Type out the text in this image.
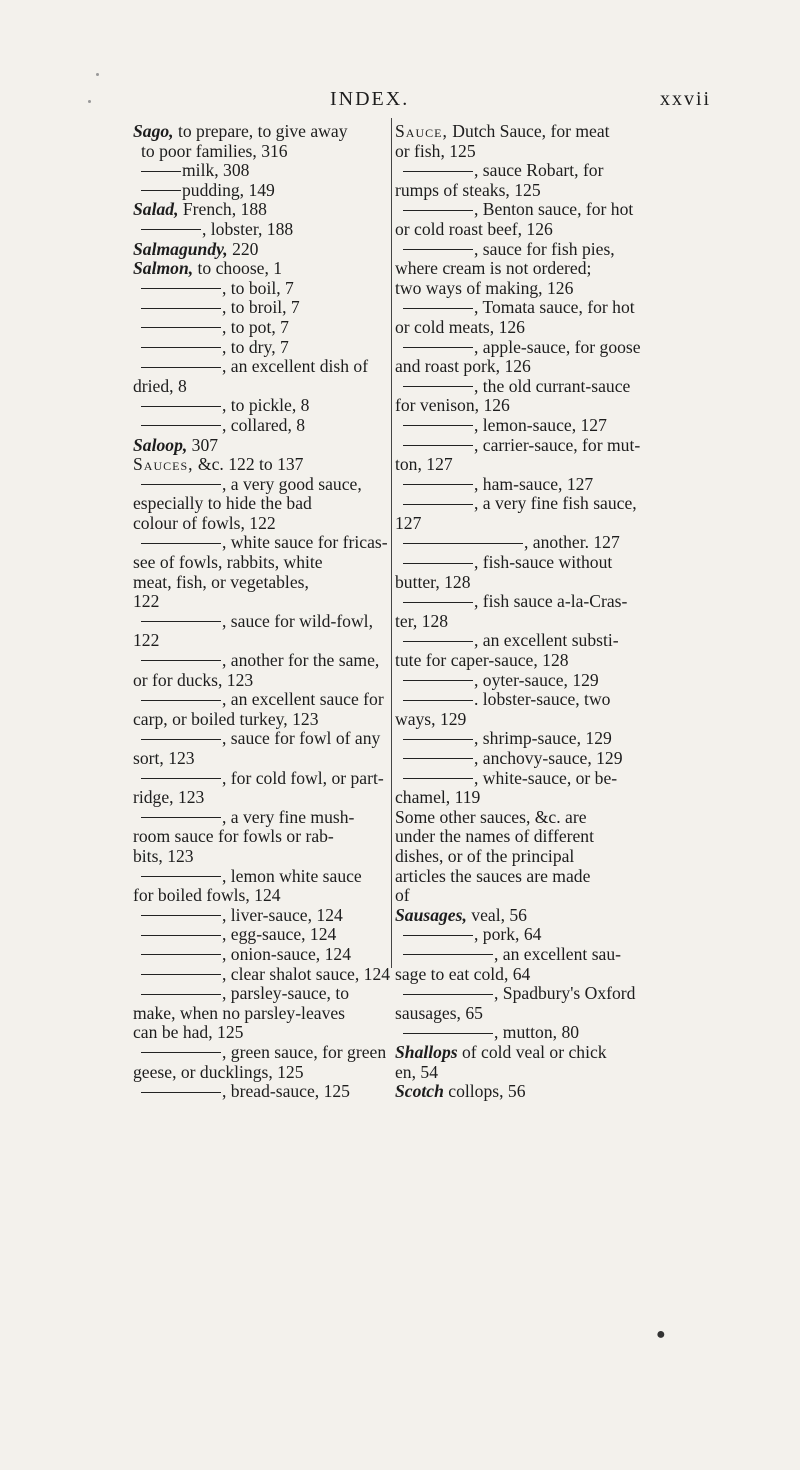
INDEX.	xxvii
Sago, to prepare, to give away
to poor families, 316
milk, 308
pudding, 149
Salad, French, 188
, lobster, 188
Salmagundy, 220
Salmon, to choose, 1
, to boil, 7
, to broil, 7
, to pot, 7
, to dry, 7
, an excellent dish of
dried, 8
, to pickle, 8
, collared, 8
Saloop, 307
Sauces, &c. 122 to 137
, a very good sauce,
especially to hide the bad
colour of fowls, 122
, white sauce for fricas-
see of fowls, rabbits, white
meat, fish, or vegetables,
122
, sauce for wild-fowl,
122
, another for the same,
or for ducks, 123
, an excellent sauce for
carp, or boiled turkey, 123
, sauce for fowl of any
sort, 123
, for cold fowl, or part-
ridge, 123
, a very fine mush-
room sauce for fowls or rab-
bits, 123
, lemon white sauce
for boiled fowls, 124
, liver-sauce, 124
, egg-sauce, 124
, onion-sauce, 124
, clear shalot sauce, 124
, parsley-sauce, to
make, when no parsley-leaves
can be had, 125
, green sauce, for green
geese, or ducklings, 125
, bread-sauce, 125
Sauce, Dutch Sauce, for meat
or fish, 125
, sauce Robart, for
rumps of steaks, 125
, Benton sauce, for hot
or cold roast beef, 126
, sauce for fish pies,
where cream is not ordered;
two ways of making, 126
, Tomata sauce, for hot
or cold meats, 126
, apple-sauce, for goose
and roast pork, 126
, the old currant-sauce
for venison, 126
, lemon-sauce, 127
, carrier-sauce, for mut-
ton, 127
, ham-sauce, 127
, a very fine fish sauce,
127
, another. 127
, fish-sauce without
butter, 128
, fish sauce a-la-Cras-
ter, 128
, an excellent substi-
tute for caper-sauce, 128
, oyter-sauce, 129
. lobster-sauce, two
ways, 129
, shrimp-sauce, 129
, anchovy-sauce, 129
, white-sauce, or be-
chamel, 119
Some other sauces, &c. are
under the names of different
dishes, or of the principal
articles the sauces are made
of
Sausages, veal, 56
, pork, 64
, an excellent sau-
sage to eat cold, 64
, Spadbury's Oxford
sausages, 65
, mutton, 80
Shallops of cold veal or chick
en, 54
Scotch collops, 56
●
